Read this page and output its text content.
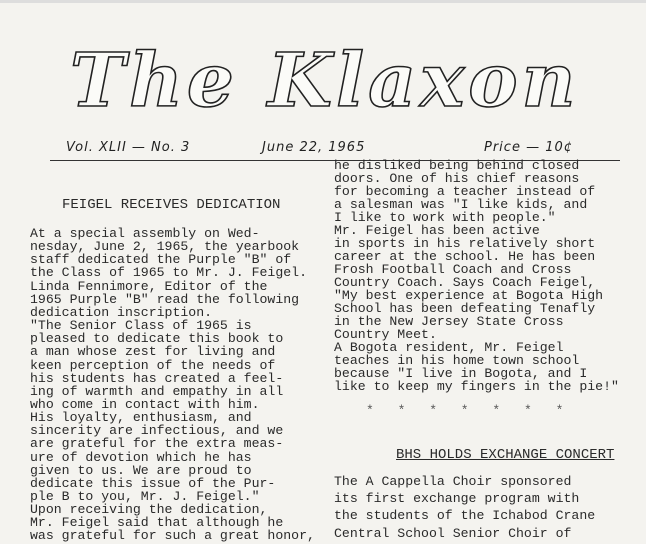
The Klaxon
Vol. XLII — No. 3	June 22, 1965	Price — 10¢
FEIGEL RECEIVES DEDICATION
At a special assembly on Wed-
nesday, June 2, 1965, the yearbook
staff dedicated the Purple "B" of
the Class of 1965 to Mr. J. Feigel.
Linda Fennimore, Editor of the
1965 Purple "B" read the following
dedication inscription.
"The Senior Class of 1965 is
pleased to dedicate this book to
a man whose zest for living and
keen perception of the needs of
his students has created a feel-
ing of warmth and empathy in all
who come in contact with him.
His loyalty, enthusiasm, and
sincerity are infectious, and we
are grateful for the extra meas-
ure of devotion which he has
given to us. We are proud to
dedicate this issue of the Pur-
ple B to you, Mr. J. Feigel."
Upon receiving the dedication,
Mr. Feigel said that although he
was grateful for such a great honor,
he disliked being behind closed
doors. One of his chief reasons
for becoming a teacher instead of
a salesman was "I like kids, and
I like to work with people."
Mr. Feigel has been active
in sports in his relatively short
career at the school. He has been
Frosh Football Coach and Cross
Country Coach. Says Coach Feigel,
"My best experience at Bogota High
School has been defeating Tenafly
in the New Jersey State Cross
Country Meet.
A Bogota resident, Mr. Feigel
teaches in his home town school
because "I live in Bogota, and I
like to keep my fingers in the pie!"
* * * * * * *
BHS HOLDS EXCHANGE CONCERT
The A Cappella Choir sponsored
its first exchange program with
the students of the Ichabod Crane
Central School Senior Choir of
